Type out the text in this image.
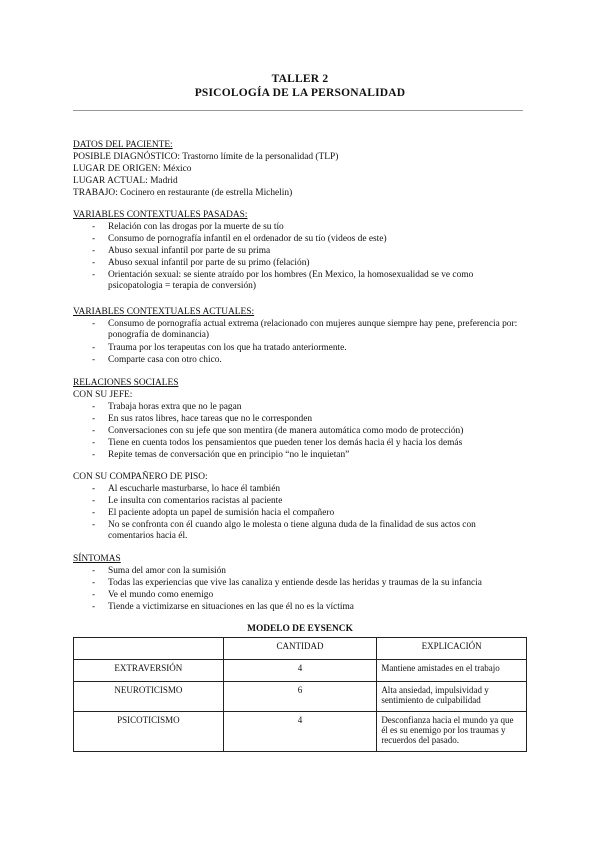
TALLER 2
PSICOLOGÍA DE LA PERSONALIDAD
DATOS DEL PACIENTE:
POSIBLE DIAGNÓSTICO: Trastorno límite de la personalidad (TLP)
LUGAR DE ORIGEN: México
LUGAR ACTUAL: Madrid
TRABAJO: Cocinero en restaurante (de estrella Michelin)
VARIABLES CONTEXTUALES PASADAS:
- Relación con las drogas por la muerte de su tío
- Consumo de pornografía infantil en el ordenador de su tío (videos de este)
- Abuso sexual infantil por parte de su prima
- Abuso sexual infantil por parte de su primo (felación)
- Orientación sexual: se siente atraído por los hombres (En Mexico, la homosexualidad se ve como psicopatologia = terapia de conversión)
VARIABLES CONTEXTUALES ACTUALES:
- Consumo de pornografía actual extrema (relacionado con mujeres aunque siempre hay pene, preferencia por: ponografía de dominancia)
- Trauma por los terapeutas con los que ha tratado anteriormente.
- Comparte casa con otro chico.
RELACIONES SOCIALES
CON SU JEFE:
- Trabaja horas extra que no le pagan
- En sus ratos libres, hace tareas que no le corresponden
- Conversaciones con su jefe que son mentira (de manera automática como modo de protección)
- Tiene en cuenta todos los pensamientos que pueden tener los demás hacia él y hacia los demás
- Repite temas de conversación que en principio “no le inquietan”
CON SU COMPAÑERO DE PISO:
- Al escucharle masturbarse, lo hace él también
- Le insulta con comentarios racistas al paciente
- El paciente adopta un papel de sumisión hacia el compañero
- No se confronta con él cuando algo le molesta o tiene alguna duda de la finalidad de sus actos con comentarios hacia él.
SÍNTOMAS
- Suma del amor con la sumisión
- Todas las experiencias que vive las canaliza y entiende desde las heridas y traumas de la su infancia
- Ve el mundo como enemigo
- Tiende a victimizarse en situaciones en las que él no es la víctima
MODELO DE EYSENCK
	CANTIDAD	EXPLICACIÓN
EXTRAVERSIÓN	4	Mantiene amistades en el trabajo
NEUROTICISMO	6	Alta ansiedad, impulsividad y sentimiento de culpabilidad
PSICOTICISMO	4	Desconfianza hacia el mundo ya que él es su enemigo por los traumas y recuerdos del pasado.
